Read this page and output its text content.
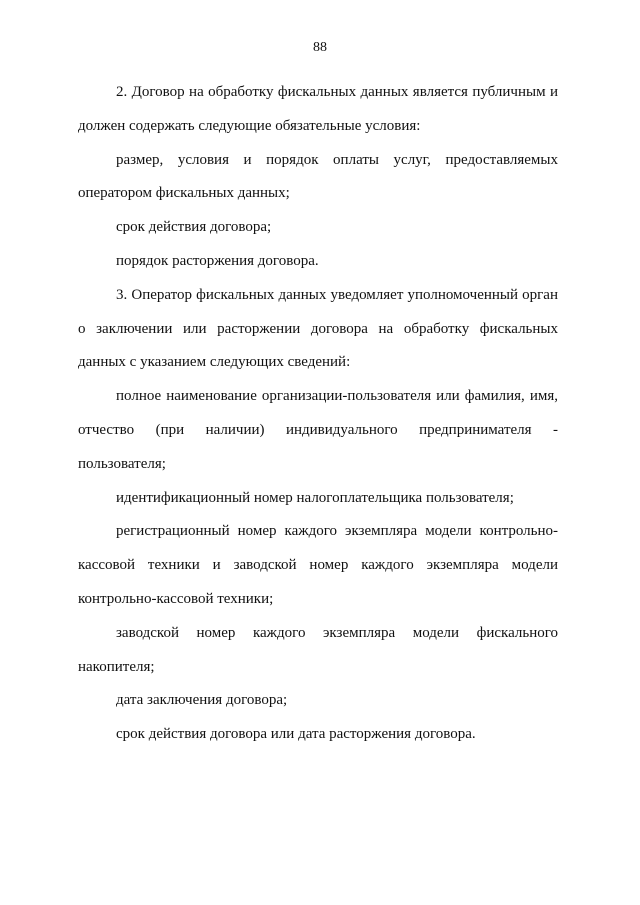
88

2. Договор на обработку фискальных данных является публичным и должен содержать следующие обязательные условия:

размер, условия и порядок оплаты услуг, предоставляемых оператором фискальных данных;

срок действия договора;

порядок расторжения договора.

3. Оператор фискальных данных уведомляет уполномоченный орган о заключении или расторжении договора на обработку фискальных данных с указанием следующих сведений:

полное наименование организации-пользователя или фамилия, имя, отчество (при наличии) индивидуального предпринимателя - пользователя;

идентификационный номер налогоплательщика пользователя;

регистрационный номер каждого экземпляра модели контрольно-кассовой техники и заводской номер каждого экземпляра модели контрольно-кассовой техники;

заводской номер каждого экземпляра модели фискального накопителя;

дата заключения договора;

срок действия договора или дата расторжения договора.
